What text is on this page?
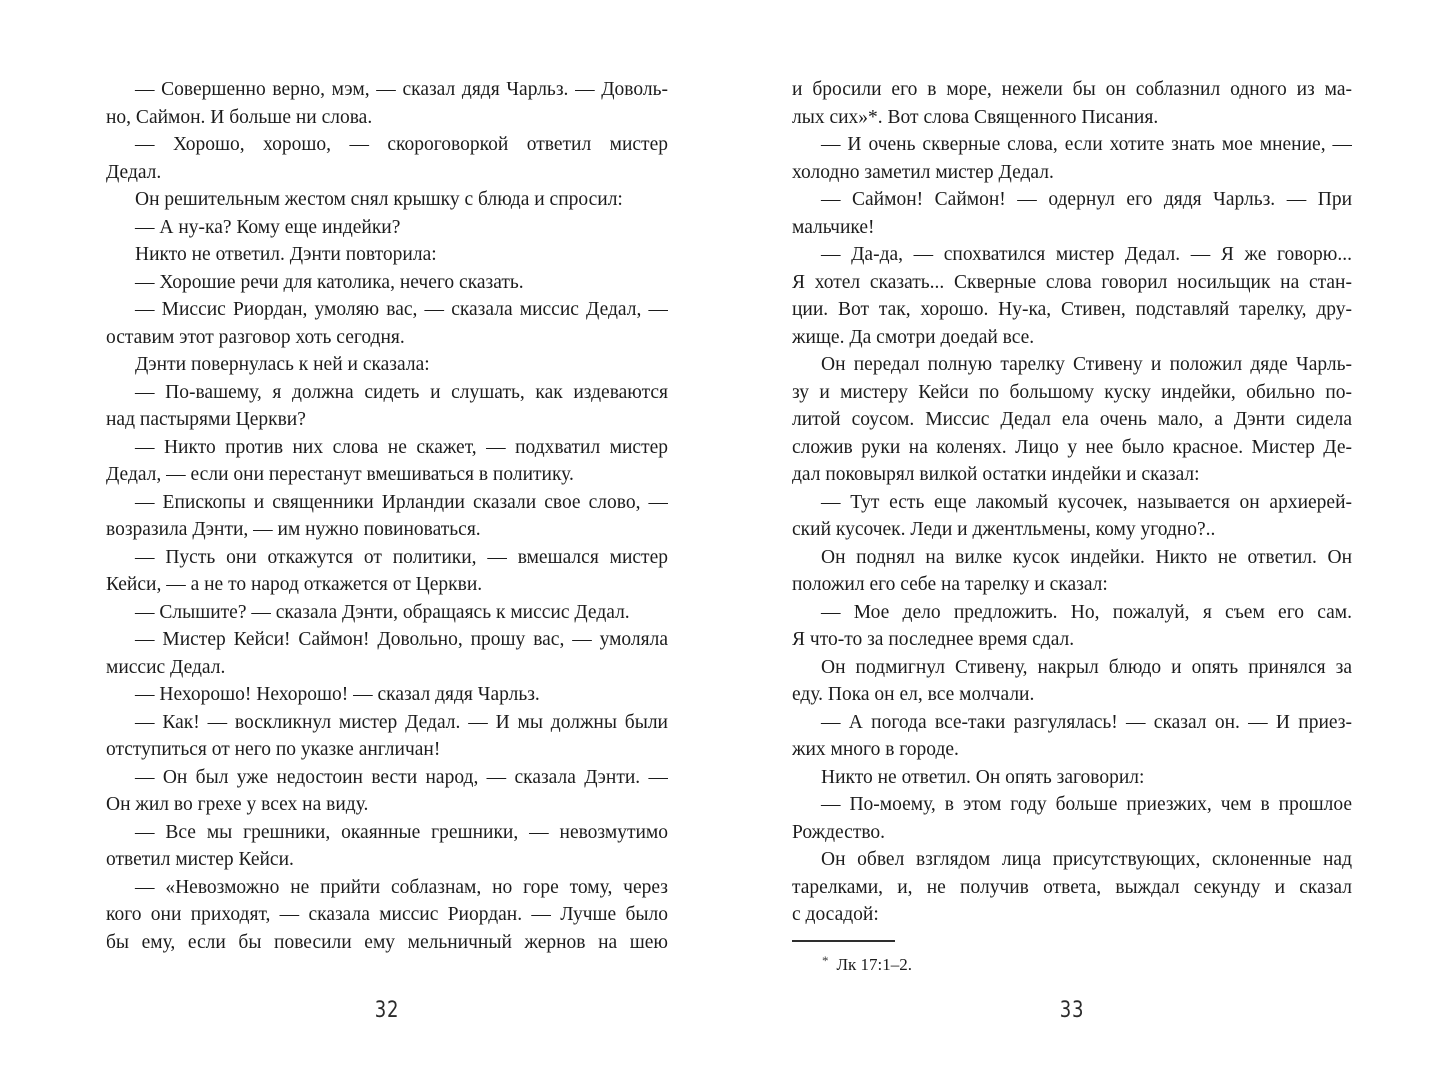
— Совершенно верно, мэм, — сказал дядя Чарльз. — Доволь-
но, Саймон. И больше ни слова.
— Хорошо, хорошо, — скороговоркой ответил мистер
Дедал.
Он решительным жестом снял крышку с блюда и спросил:
— А ну-ка? Кому еще индейки?
Никто не ответил. Дэнти повторила:
— Хорошие речи для католика, нечего сказать.
— Миссис Риордан, умоляю вас, — сказала миссис Дедал, —
оставим этот разговор хоть сегодня.
Дэнти повернулась к ней и сказала:
— По-вашему, я должна сидеть и слушать, как издеваются
над пастырями Церкви?
— Никто против них слова не скажет, — подхватил мистер
Дедал, — если они перестанут вмешиваться в политику.
— Епископы и священники Ирландии сказали свое слово, —
возразила Дэнти, — им нужно повиноваться.
— Пусть они откажутся от политики, — вмешался мистер
Кейси, — а не то народ откажется от Церкви.
— Слышите? — сказала Дэнти, обращаясь к миссис Дедал.
— Мистер Кейси! Саймон! Довольно, прошу вас, — умоляла
миссис Дедал.
— Нехорошо! Нехорошо! — сказал дядя Чарльз.
— Как! — воскликнул мистер Дедал. — И мы должны были
отступиться от него по указке англичан!
— Он был уже недостоин вести народ, — сказала Дэнти. —
Он жил во грехе у всех на виду.
— Все мы грешники, окаянные грешники, — невозмутимо
ответил мистер Кейси.
— «Невозможно не прийти соблазнам, но горе тому, через
кого они приходят, — сказала миссис Риордан. — Лучше было
бы ему, если бы повесили ему мельничный жернов на шею
и бросили его в море, нежели бы он соблазнил одного из ма-
лых сих»*. Вот слова Священного Писания.
— И очень скверные слова, если хотите знать мое мнение, —
холодно заметил мистер Дедал.
— Саймон! Саймон! — одернул его дядя Чарльз. — При
мальчике!
— Да-да, — спохватился мистер Дедал. — Я же говорю...
Я хотел сказать... Скверные слова говорил носильщик на стан-
ции. Вот так, хорошо. Ну-ка, Стивен, подставляй тарелку, дру-
жище. Да смотри доедай все.
Он передал полную тарелку Стивену и положил дяде Чарль-
зу и мистеру Кейси по большому куску индейки, обильно по-
литой соусом. Миссис Дедал ела очень мало, а Дэнти сидела
сложив руки на коленях. Лицо у нее было красное. Мистер Де-
дал поковырял вилкой остатки индейки и сказал:
— Тут есть еще лакомый кусочек, называется он архиерей-
ский кусочек. Леди и джентльмены, кому угодно?..
Он поднял на вилке кусок индейки. Никто не ответил. Он
положил его себе на тарелку и сказал:
— Мое дело предложить. Но, пожалуй, я съем его сам.
Я что-то за последнее время сдал.
Он подмигнул Стивену, накрыл блюдо и опять принялся за
еду. Пока он ел, все молчали.
— А погода все-таки разгулялась! — сказал он. — И приез-
жих много в городе.
Никто не ответил. Он опять заговорил:
— По-моему, в этом году больше приезжих, чем в прошлое
Рождество.
Он обвел взглядом лица присутствующих, склоненные над
тарелками, и, не получив ответа, выждал секунду и сказал
с досадой:
* Лк 17:1–2.
32	33
